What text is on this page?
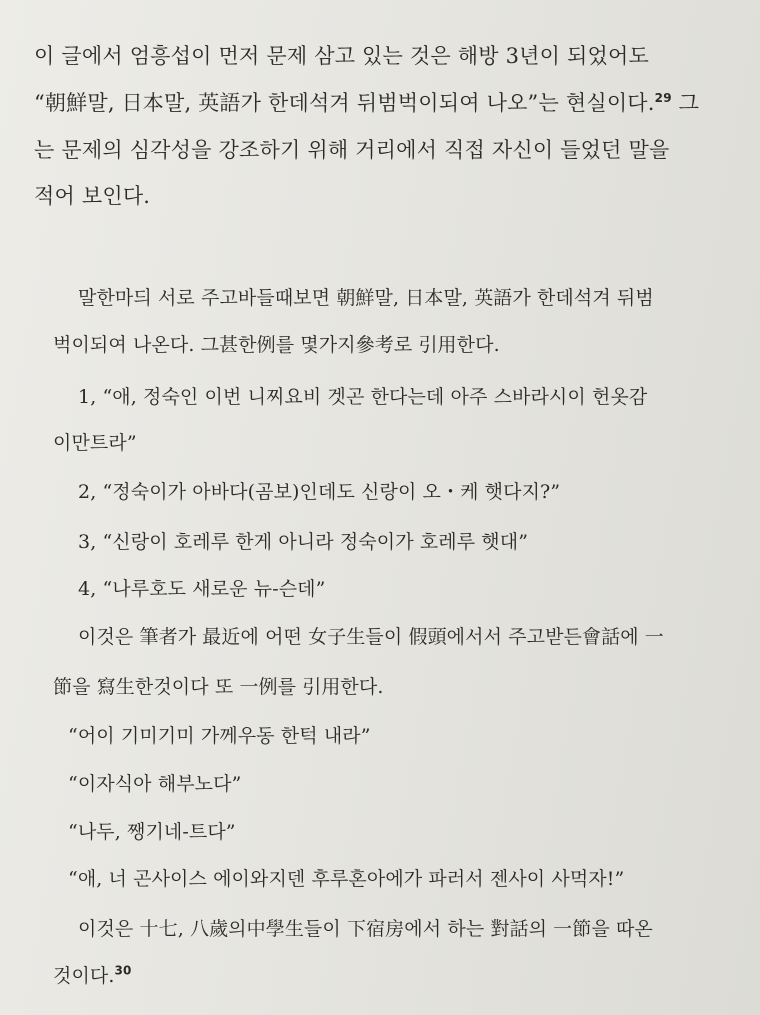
이 글에서 엄흥섭이 먼저 문제 삼고 있는 것은 해방 3년이 되었어도

“朝鮮말, 日本말, 英語가 한데석겨 뒤범벅이되여 나오”는 현실이다.$^{29}$ 그

는 문제의 심각성을 강조하기 위해 거리에서 직접 자신이 들었던 말을

적어 보인다.

말한마듸 서로 주고바들때보면 朝鮮말, 日本말, 英語가 한데석겨 뒤범

벅이되여 나온다. 그甚한例를 몇가지參考로 引用한다.

1, “애, 정숙인 이번 니찌요비 겟곤 한다는데 아주 스바라시이 헌옷감

이만트라”

2, “정숙이가 아바다(곰보)인데도 신랑이 오・케 햇다지?”

3, “신랑이 호레루 한게 아니라 정숙이가 호레루 햇대”

4, “나루호도 새로운 뉴-슨데”

이것은 筆者가 最近에 어떤 女子生들이 假頭에서서 주고받든會話에 一

節을 寫生한것이다 또 一例를 引用한다.

“어이 기미기미 가께우동 한턱 내라”

“이자식아 해부노다”

“나두, 쨍기네-트다”

“애, 너 곤사이스 에이와지덴 후루혼아에가 파러서 젠사이 사먹자!”

이것은 十七, 八歲의中學生들이 下宿房에서 하는 對話의 一節을 따온

것이다.$^{30}$
